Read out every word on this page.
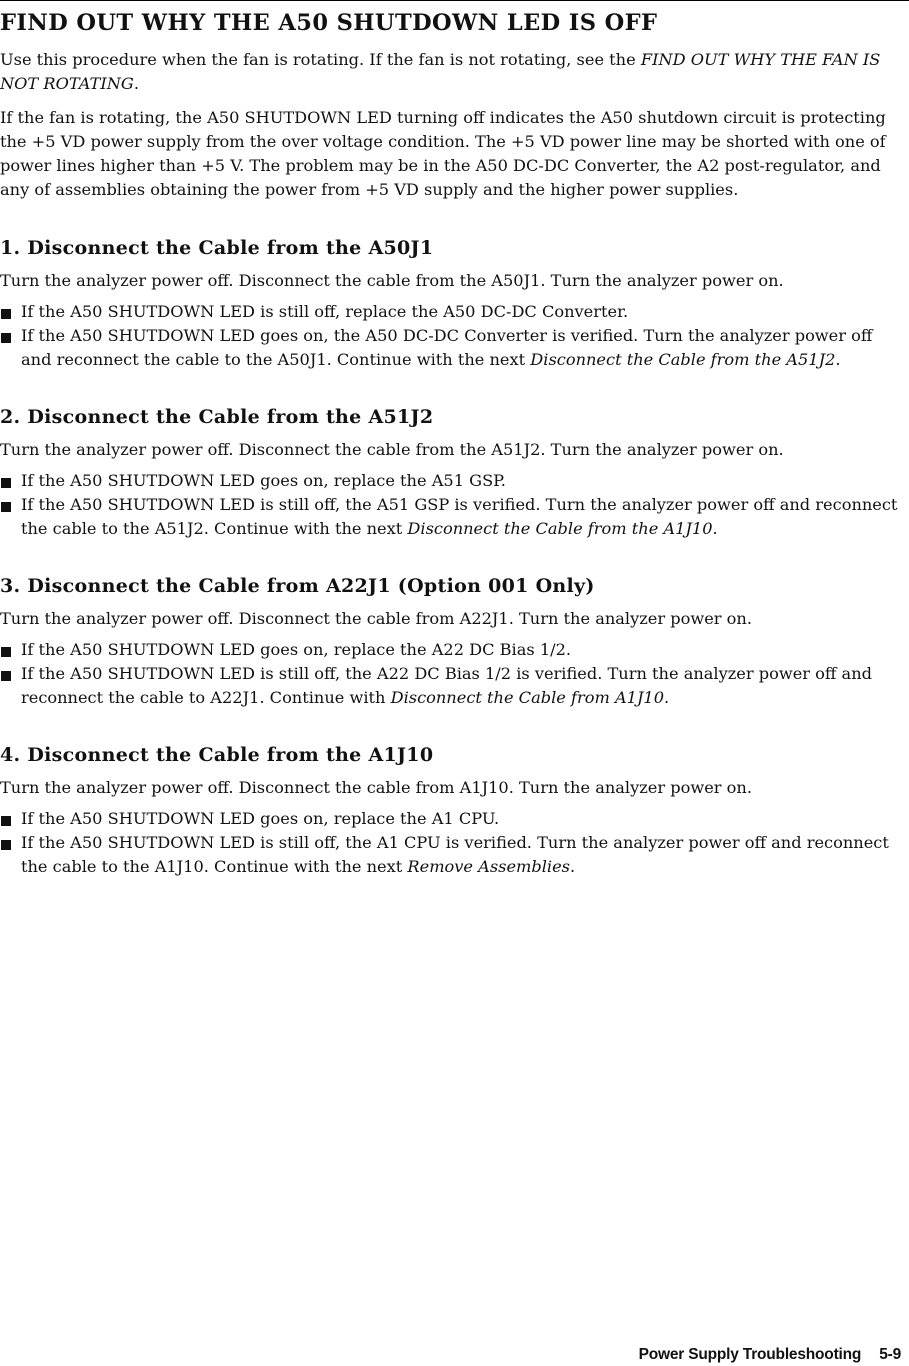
FIND OUT WHY THE A50 SHUTDOWN LED IS OFF

Use this procedure when the fan is rotating. If the fan is not rotating, see the FIND OUT WHY THE FAN IS NOT ROTATING.

If the fan is rotating, the A50 SHUTDOWN LED turning off indicates the A50 shutdown circuit is protecting the +5 VD power supply from the over voltage condition. The +5 VD power line may be shorted with one of power lines higher than +5 V. The problem may be in the A50 DC-DC Converter, the A2 post-regulator, and any of assemblies obtaining the power from +5 VD supply and the higher power supplies.

1. Disconnect the Cable from the A50J1

Turn the analyzer power off. Disconnect the cable from the A50J1. Turn the analyzer power on.

If the A50 SHUTDOWN LED is still off, replace the A50 DC-DC Converter.
If the A50 SHUTDOWN LED goes on, the A50 DC-DC Converter is verified. Turn the analyzer power off and reconnect the cable to the A50J1. Continue with the next Disconnect the Cable from the A51J2.
2. Disconnect the Cable from the A51J2

Turn the analyzer power off. Disconnect the cable from the A51J2. Turn the analyzer power on.

If the A50 SHUTDOWN LED goes on, replace the A51 GSP.
If the A50 SHUTDOWN LED is still off, the A51 GSP is verified. Turn the analyzer power off and reconnect the cable to the A51J2. Continue with the next Disconnect the Cable from the A1J10.
3. Disconnect the Cable from A22J1 (Option 001 Only)

Turn the analyzer power off. Disconnect the cable from A22J1. Turn the analyzer power on.

If the A50 SHUTDOWN LED goes on, replace the A22 DC Bias 1/2.
If the A50 SHUTDOWN LED is still off, the A22 DC Bias 1/2 is verified. Turn the analyzer power off and reconnect the cable to A22J1. Continue with Disconnect the Cable from A1J10.
4. Disconnect the Cable from the A1J10

Turn the analyzer power off. Disconnect the cable from A1J10. Turn the analyzer power on.

If the A50 SHUTDOWN LED goes on, replace the A1 CPU.
If the A50 SHUTDOWN LED is still off, the A1 CPU is verified. Turn the analyzer power off and reconnect the cable to the A1J10. Continue with the next Remove Assemblies.
Power Supply Troubleshooting 5-9
